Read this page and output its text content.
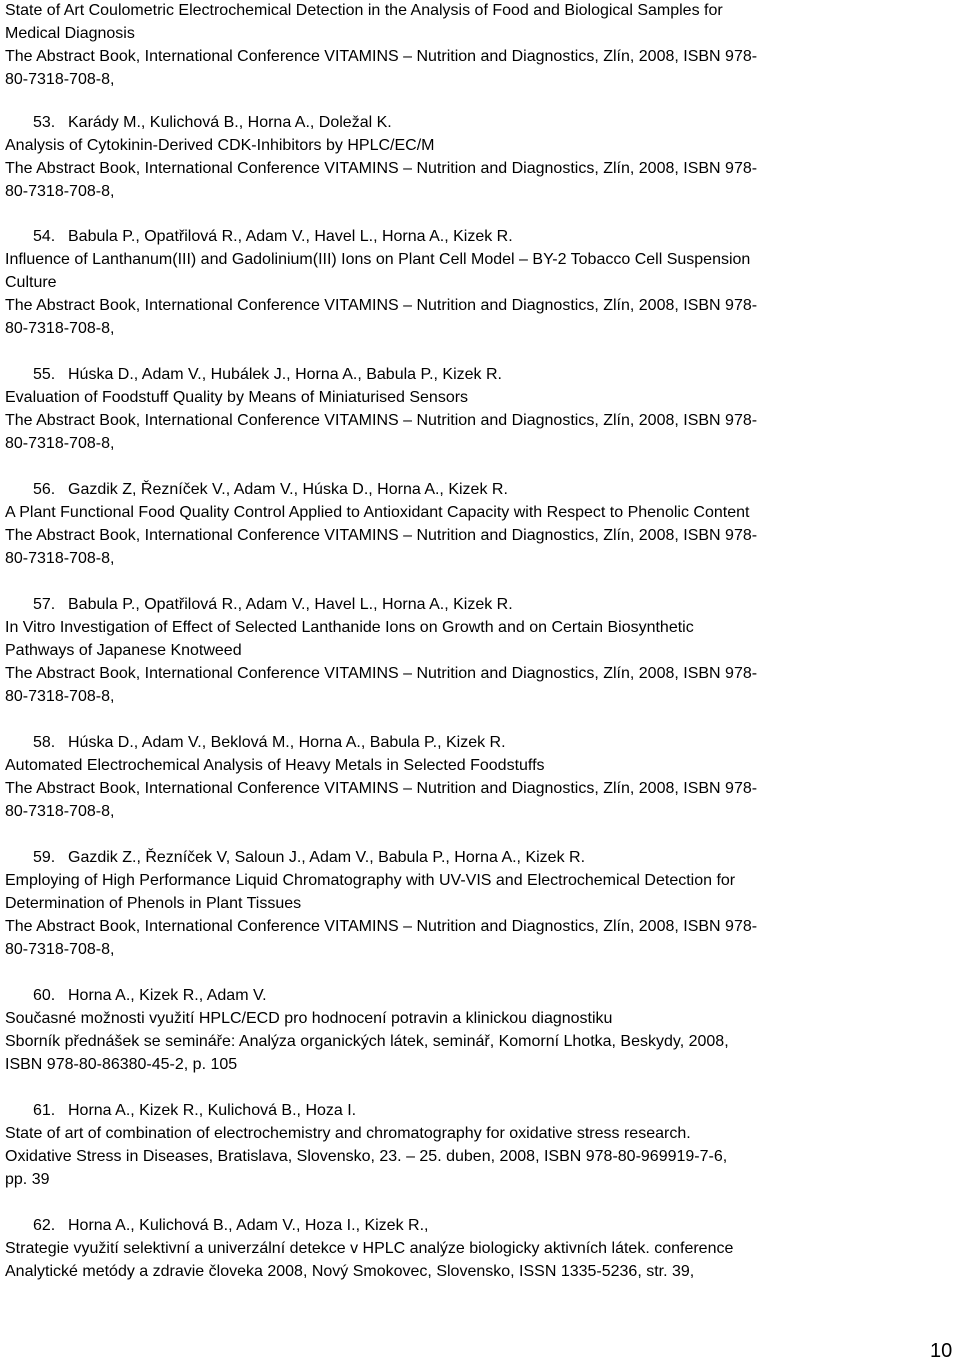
State of Art Coulometric Electrochemical Detection in the Analysis of Food and Biological Samples for
Medical Diagnosis
The Abstract Book, International Conference VITAMINS – Nutrition and Diagnostics, Zlín, 2008, ISBN 978-
80-7318-708-8,
53. Karády M., Kulichová B., Horna A., Doležal K.
Analysis of Cytokinin-Derived CDK-Inhibitors by HPLC/EC/M
The Abstract Book, International Conference VITAMINS – Nutrition and Diagnostics, Zlín, 2008, ISBN 978-
80-7318-708-8,
54. Babula P., Opatřilová R., Adam V., Havel L., Horna A., Kizek R.
Influence of Lanthanum(III) and Gadolinium(III) Ions on Plant Cell Model – BY-2 Tobacco Cell Suspension
Culture
The Abstract Book, International Conference VITAMINS – Nutrition and Diagnostics, Zlín, 2008, ISBN 978-
80-7318-708-8,
55. Húska D., Adam V., Hubálek J., Horna A., Babula P., Kizek R.
Evaluation of Foodstuff Quality by Means of Miniaturised Sensors
The Abstract Book, International Conference VITAMINS – Nutrition and Diagnostics, Zlín, 2008, ISBN 978-
80-7318-708-8,
56. Gazdik Z, Řezníček V., Adam V., Húska D., Horna A., Kizek R.
A Plant Functional Food Quality Control Applied to Antioxidant Capacity with Respect to Phenolic Content
The Abstract Book, International Conference VITAMINS – Nutrition and Diagnostics, Zlín, 2008, ISBN 978-
80-7318-708-8,
57. Babula P., Opatřilová R., Adam V., Havel L., Horna A., Kizek R.
In Vitro Investigation of Effect of Selected Lanthanide Ions on Growth and on Certain Biosynthetic
Pathways of Japanese Knotweed
The Abstract Book, International Conference VITAMINS – Nutrition and Diagnostics, Zlín, 2008, ISBN 978-
80-7318-708-8,
58. Húska D., Adam V., Beklová M., Horna A., Babula P., Kizek R.
Automated Electrochemical Analysis of Heavy Metals in Selected Foodstuffs
The Abstract Book, International Conference VITAMINS – Nutrition and Diagnostics, Zlín, 2008, ISBN 978-
80-7318-708-8,
59. Gazdik Z., Řezníček V, Saloun J., Adam V., Babula P., Horna A., Kizek R.
Employing of High Performance Liquid Chromatography with UV-VIS and Electrochemical Detection for
Determination of Phenols in Plant Tissues
The Abstract Book, International Conference VITAMINS – Nutrition and Diagnostics, Zlín, 2008, ISBN 978-
80-7318-708-8,
60. Horna A., Kizek R., Adam V.
Současné možnosti využití HPLC/ECD pro hodnocení potravin a klinickou diagnostiku
Sborník přednášek se semináře: Analýza organických látek, seminář, Komorní Lhotka, Beskydy, 2008,
ISBN 978-80-86380-45-2, p. 105
61. Horna A., Kizek R., Kulichová B., Hoza I.
State of art of combination of electrochemistry and chromatography for oxidative stress research.
Oxidative Stress in Diseases, Bratislava, Slovensko, 23. – 25. duben, 2008, ISBN 978-80-969919-7-6,
pp. 39
62. Horna A., Kulichová B., Adam V., Hoza I., Kizek R.,
Strategie využití selektivní a univerzální detekce v HPLC analýze biologicky aktivních látek. conference
Analytické metódy a zdravie človeka 2008, Nový Smokovec, Slovensko, ISSN 1335-5236, str. 39,
10
